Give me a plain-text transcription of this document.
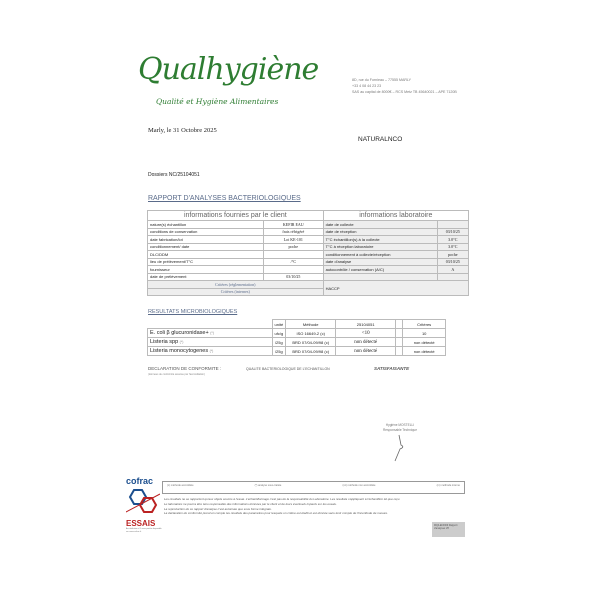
Qualhygiène
Qualité et Hygiène Alimentaires
8D, rue du Fornieau – 77555 MARLY
+33 4 08 44 23 23
SAS au capital de 8000€ – RCS Metz TB 45640021 – APE 7120B
Marly, le 31 Octobre 2025
NATURALNCO
Dossiers NC/25104051
RAPPORT D'ANALYSES BACTERIOLOGIQUES
informations fournies par le client		informations laboratoire	
nature(s) échantillon	KEFIR EAU	date de collecte	
conditions de conservation	frais réfrigéré	date de réception	03/10/25
date fabrication/lot	Lot KE-101	T°C échantillon(s) à la collecte	3.0°C
conditionnement/ date	poche	T°C à réception laboratoire	3.0°C
DLC/DDM		conditionnement à collecte/réception	poche
lieu de prélèvement/T°C	/°C	date d'analyse	03/10/25
fournisseur		autocontrôle / conservation (A/C)	A
date de prélèvement	03/10/25		
Critères (réglementation)		HACCP	
Critères (internes)			
RESULTATS MICROBIOLOGIQUES
	unité	Méthode	25104051		Critères
E. coli β glucuronidase+ (*)	ufc/g	ISO 16649-2 (c)	<10		10
Listeria spp (*)	/25g	BRD 07/04-09/98 (c)	non détecté		non détecté
Listeria monocytogenes (*)	/25g	BRD 07/04-09/98 (c)	non détecté		non détecté
DECLARATION DE CONFORMITE :
(données de conformité assurée par l'accréditation)
QUALITE BACTERIOLOGIQUE DE L'ECHANTILLON	SATISFAISANTE
Hygiène MOSTELLI
Responsable Technique
cofrac
ESSAIS
Accréditation n°1-xxxx portée disponible sur www.cofrac.fr
(c) méthode accréditée	(*) analyse sous-traitée	(nc) méthode non accréditée	(m) méthode interne
Les résultats ne se rapportent qu'aux objets soumis à l'essai. L'échantillonnage n'est pas de la responsabilité du Laboratoire. Les résultats s'appliquent à l'échantillon tel que reçu.
Le laboratoire ne pourra être tenu responsable des informations données par le client et de leurs éventuels impacts sur les essais.
La reproduction de ce rapport d'analyse n'est autorisée que sous forme intégrale.
La déclaration de conformité prend en compte les résultats des paramètres pour lesquels un critère est établi et est donnée sans tenir compte de l'incertitude de mesure.
MQ/LEI/F009 Rapport d'analyses V8
